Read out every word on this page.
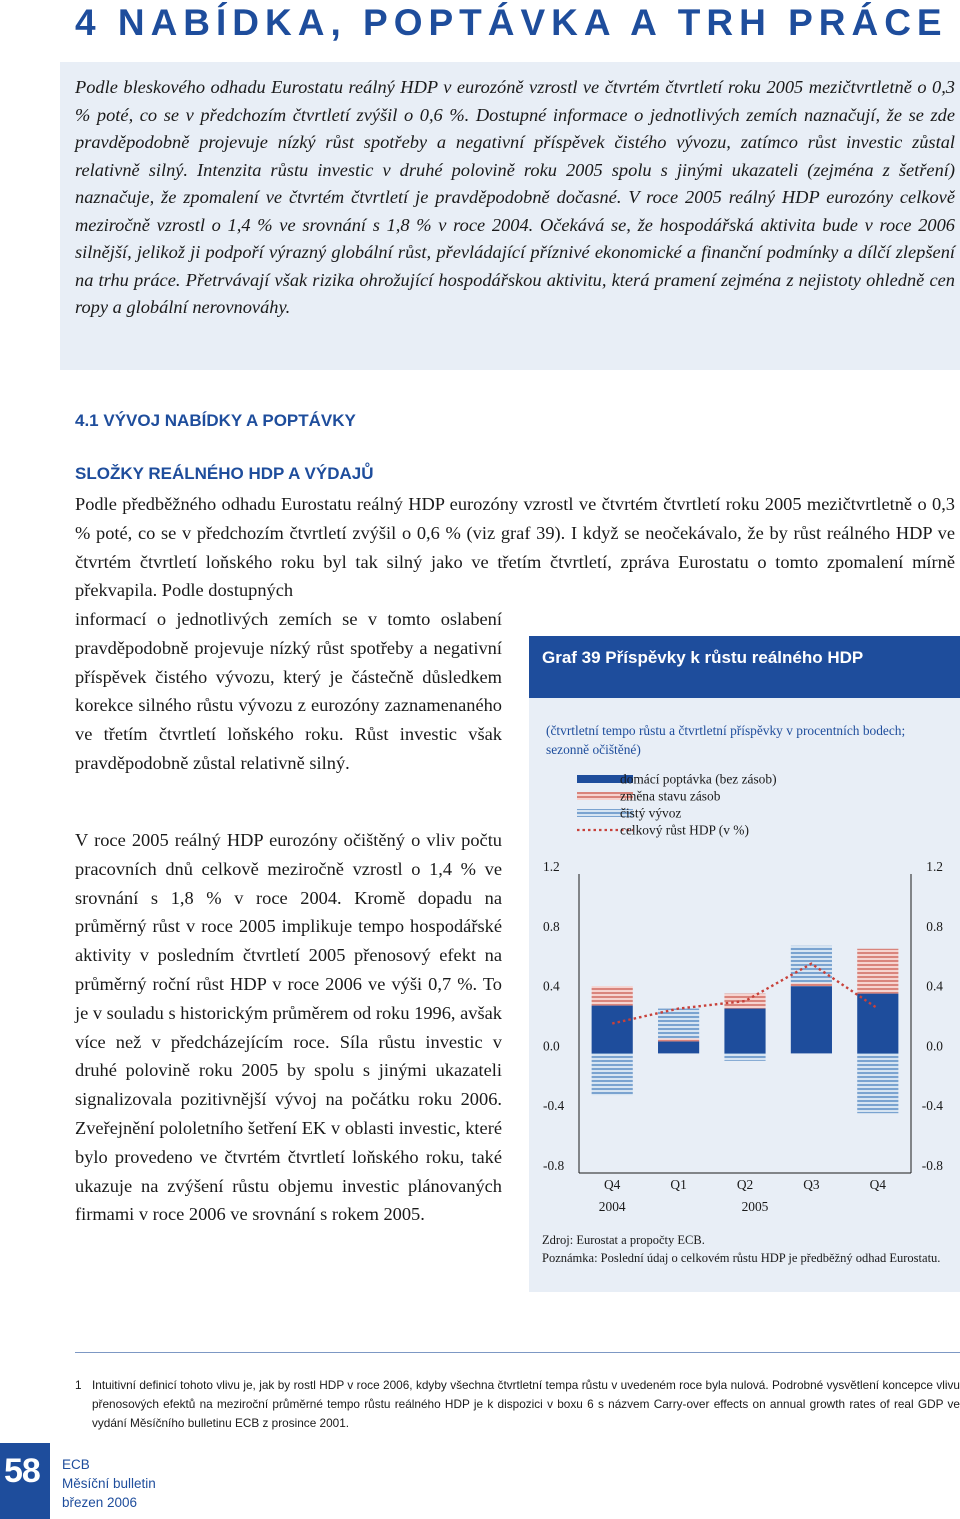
4 NABÍDKA, POPTÁVKA A TRH PRÁCE

Podle bleskového odhadu Eurostatu reálný HDP v eurozóně vzrostl ve čtvrtém čtvrtletí roku 2005 mezičtvrtletně o 0,3 % poté, co se v předchozím čtvrtletí zvýšil o 0,6 %. Dostupné informace o jednotlivých zemích naznačují, že se zde pravděpodobně projevuje nízký růst spotřeby a negativní příspěvek čistého vývozu, zatímco růst investic zůstal relativně silný. Intenzita růstu investic v druhé polovině roku 2005 spolu s jinými ukazateli (zejména z šetření) naznačuje, že zpomalení ve čtvrtém čtvrtletí je pravděpodobně dočasné. V roce 2005 reálný HDP eurozóny celkově meziročně vzrostl o 1,4 % ve srovnání s 1,8 % v roce 2004. Očekává se, že hospodářská aktivita bude v roce 2006 silnější, jelikož ji podpoří výrazný globální růst, převládající příznivé ekonomické a finanční podmínky a dílčí zlepšení na trhu práce. Přetrvávají však rizika ohrožující hospodářskou aktivitu, která pramení zejména z nejistoty ohledně cen ropy a globální nerovnováhy.

4.1 VÝVOJ NABÍDKY A POPTÁVKY
SLOŽKY REÁLNÉHO HDP A VÝDAJŮ

Podle předběžného odhadu Eurostatu reálný HDP eurozóny vzrostl ve čtvrtém čtvrtletí roku 2005 mezičtvrtletně o 0,3 % poté, co se v předchozím čtvrtletí zvýšil o 0,6 % (viz graf 39). I když se neočekávalo, že by růst reálného HDP ve čtvrtém čtvrtletí loňského roku byl tak silný jako ve třetím čtvrtletí, zpráva Eurostatu o tomto zpomalení mírně překvapila. Podle dostupných

informací o jednotlivých zemích se v tomto oslabení pravděpodobně projevuje nízký růst spotřeby a negativní příspěvek čistého vývozu, který je částečně důsledkem korekce silného růstu vývozu z eurozóny zaznamenaného ve třetím čtvrtletí loňského roku. Růst investic však pravděpodobně zůstal relativně silný.

V roce 2005 reálný HDP eurozóny očištěný o vliv počtu pracovních dnů celkově meziročně vzrostl o 1,4 % ve srovnání s 1,8 % v roce 2004. Kromě dopadu na průměrný růst v roce 2005 implikuje tempo hospodářské aktivity v posledním čtvrtletí 2005 přenosový efekt na průměrný roční růst HDP v roce 2006 ve výši 0,7 %. To je v souladu s historickým průměrem od roku 1996, avšak více než v předcházejícím roce. Síla růstu investic v druhé polovině roku 2005 by spolu s jinými ukazateli signalizovala pozitivnější vývoj na počátku roku 2006. Zveřejnění pololetního šetření EK v oblasti investic, které bylo provedeno ve čtvrtém čtvrtletí loňského roku, také ukazuje na zvýšení růstu objemu investic plánovaných firmami v roce 2006 ve srovnání s rokem 2005.

Graf 39 Příspěvky k růstu reálného HDP
(čtvrtletní tempo růstu a čtvrtletní příspěvky v procentních bodech; sezonně očištěné)
domácí poptávka (bez zásob)
změna stavu zásob
čistý vývoz
celkový růst HDP (v %)
1.2	1.2
0.8	0.8
0.4	0.4
0.0	0.0
-0.4	-0.4
-0.8	-0.8
Q4	Q1	Q2	Q3	Q4
2004	2005
Zdroj: Eurostat a propočty ECB.
Poznámka: Poslední údaj o celkovém růstu HDP je předběžný odhad Eurostatu.
1 Intuitivní definicí tohoto vlivu je, jak by rostl HDP v roce 2006, kdyby všechna čtvrtletní tempa růstu v uvedeném roce byla nulová. Podrobné vysvětlení koncepce vlivu přenosových efektů na meziroční průměrné tempo růstu reálného HDP je k dispozici v boxu 6 s názvem Carry-over effects on annual growth rates of real GDP ve vydání Měsíčního bulletinu ECB z prosince 2001.
58 ECB
Měsíční bulletin
březen 2006
